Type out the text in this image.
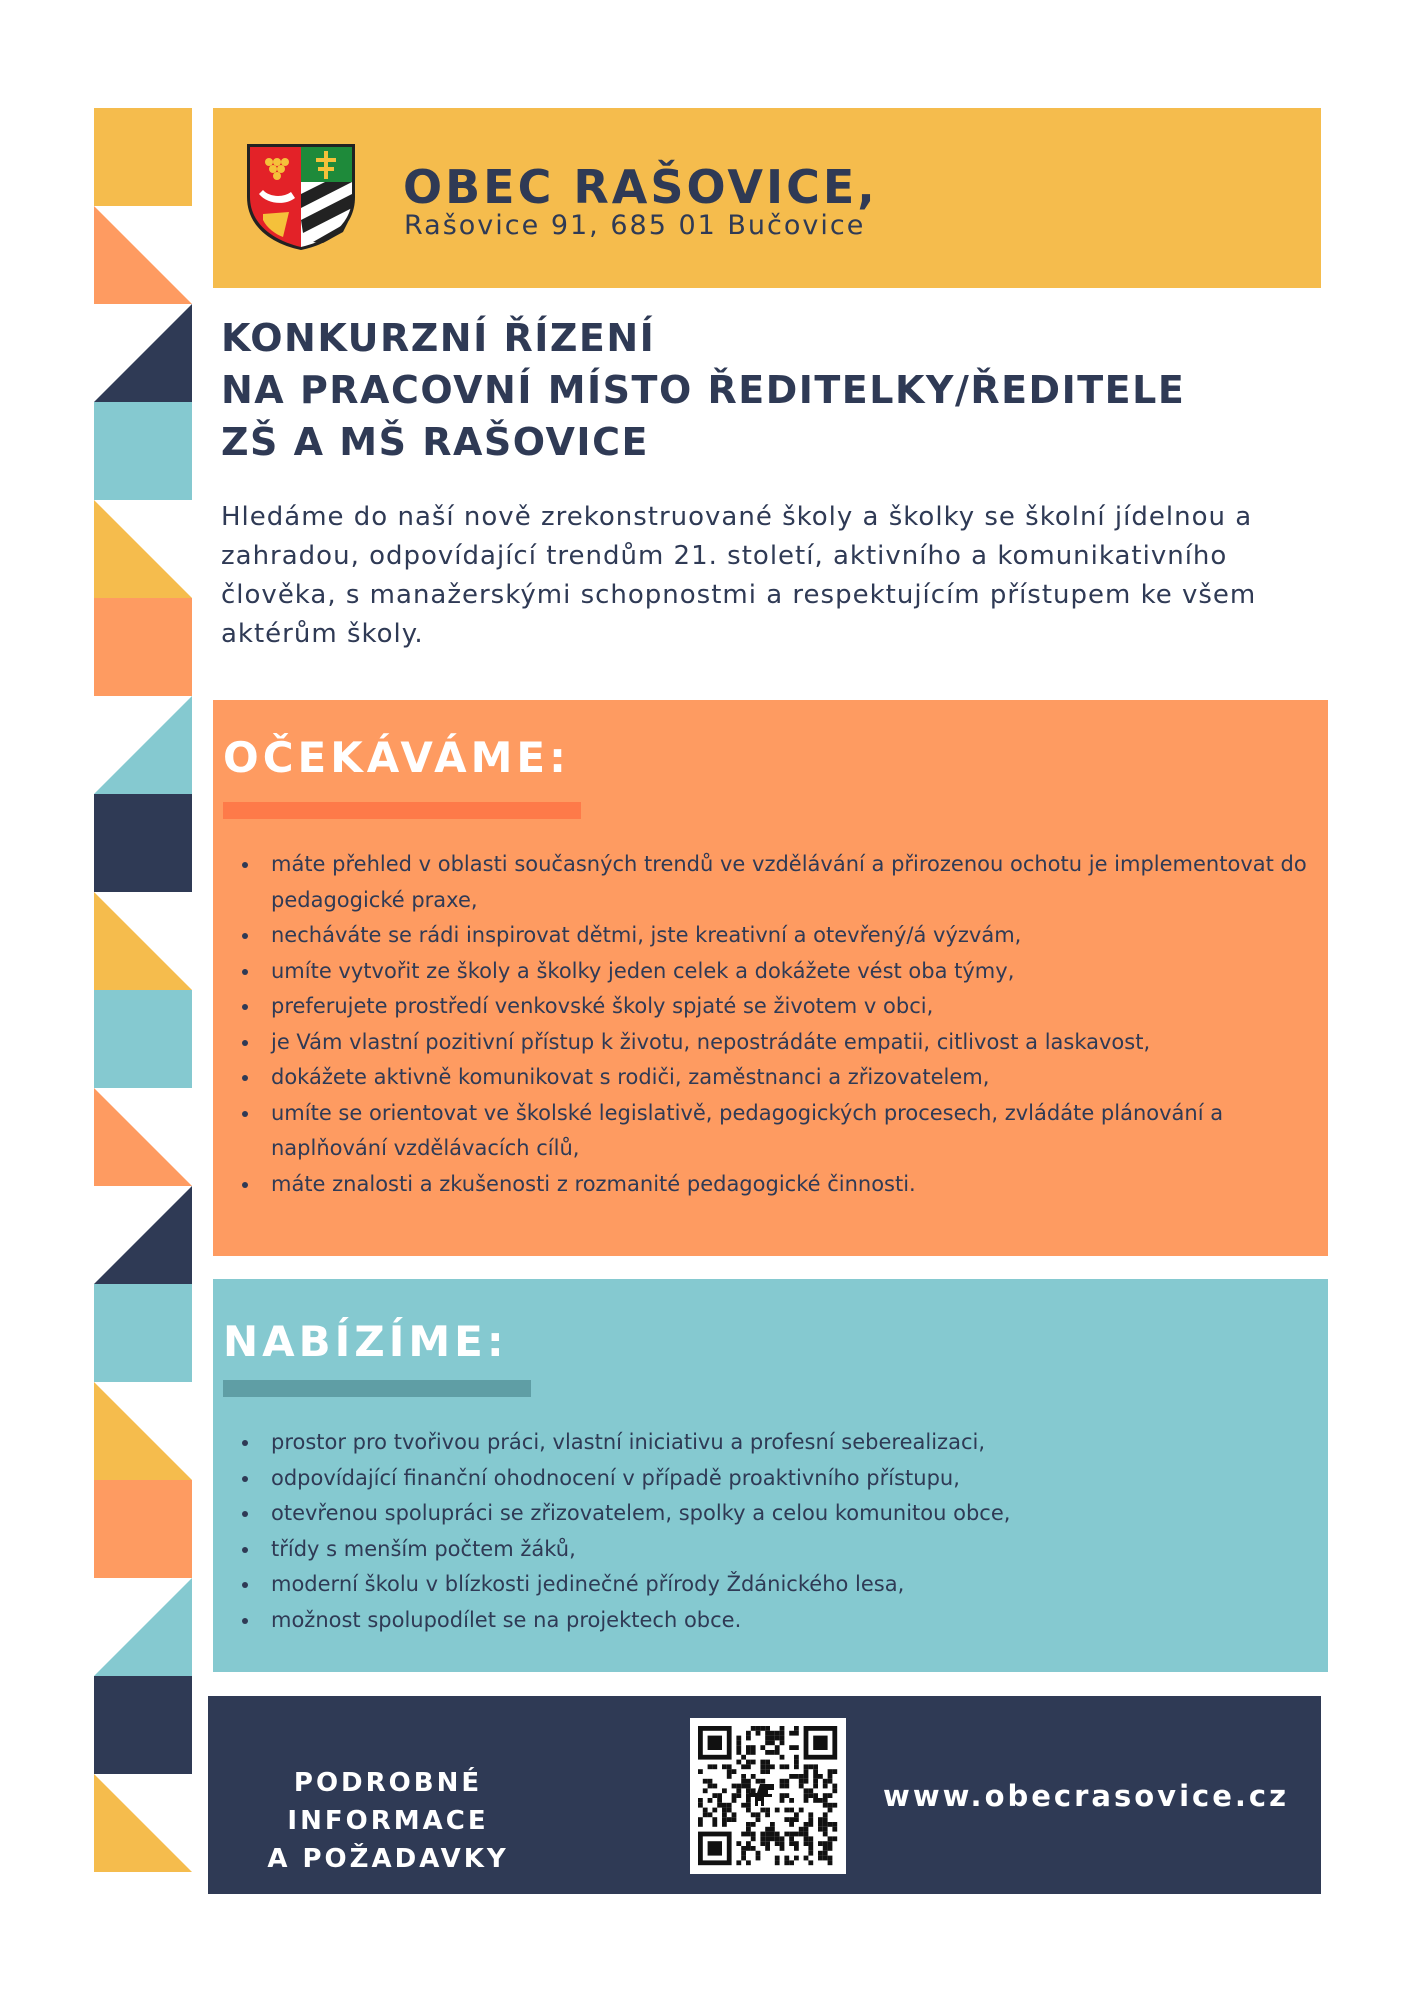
OBEC RAŠOVICE,
Rašovice 91, 685 01 Bučovice
KONKURZNÍ ŘÍZENÍ
NA PRACOVNÍ MÍSTO ŘEDITELKY/ŘEDITELE
ZŠ A MŠ RAŠOVICE

Hledáme do naší nově zrekonstruované školy a školky se školní jídelnou a zahradou, odpovídající trendům 21. století, aktivního a komunikativního člověka, s manažerskými schopnostmi a respektujícím přístupem ke všem aktérům školy.

OČEKÁVÁME:
• máte přehled v oblasti současných trendů ve vzdělávání a přirozenou ochotu je implementovat do pedagogické praxe,
• necháváte se rádi inspirovat dětmi, jste kreativní a otevřený/á výzvám,
• umíte vytvořit ze školy a školky jeden celek a dokážete vést oba týmy,
• preferujete prostředí venkovské školy spjaté se životem v obci,
• je Vám vlastní pozitivní přístup k životu, nepostrádáte empatii, citlivost a laskavost,
• dokážete aktivně komunikovat s rodiči, zaměstnanci a zřizovatelem,
• umíte se orientovat ve školské legislativě, pedagogických procesech, zvládáte plánování a naplňování vzdělávacích cílů,
• máte znalosti a zkušenosti z rozmanité pedagogické činnosti.
NABÍZÍME:
• prostor pro tvořivou práci, vlastní iniciativu a profesní seberealizaci,
• odpovídající finanční ohodnocení v případě proaktivního přístupu,
• otevřenou spolupráci se zřizovatelem, spolky a celou komunitou obce,
• třídy s menším počtem žáků,
• moderní školu v blízkosti jedinečné přírody Ždánického lesa,
• možnost spolupodílet se na projektech obce.
PODROBNÉ INFORMACE
A POŽADAVKY
www.obecrasovice.cz
